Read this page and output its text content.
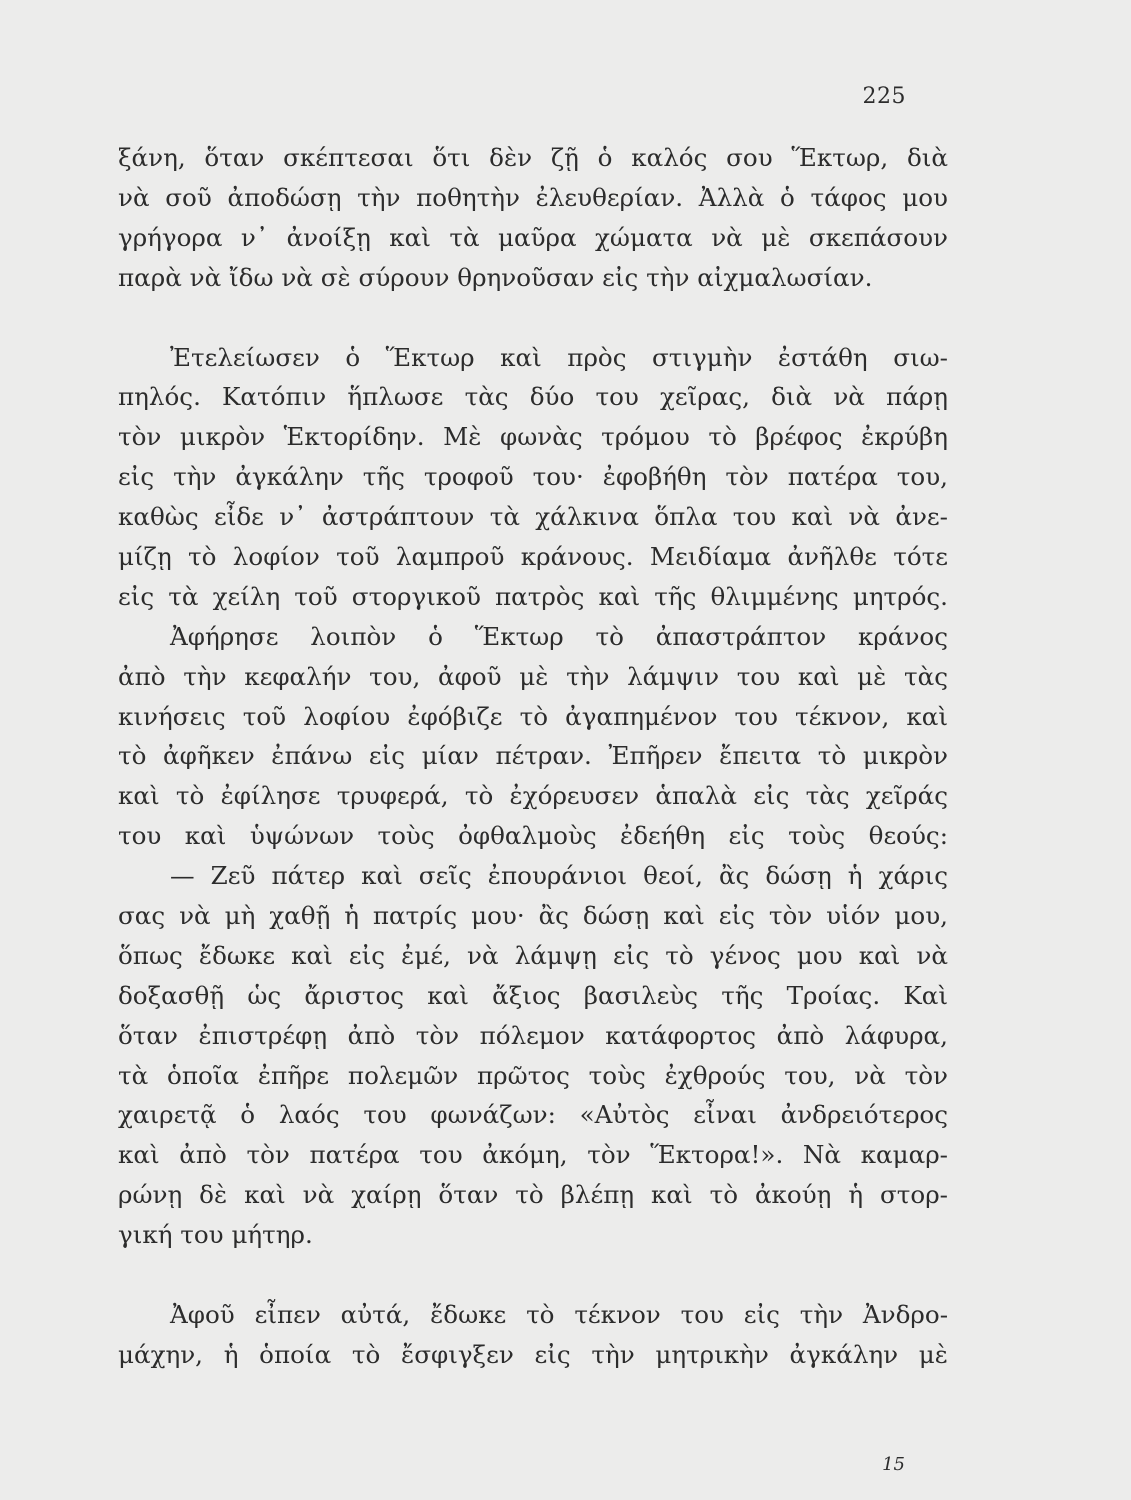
225
ξάνη, ὅταν σκέπτεσαι ὅτι δὲν ζῇ ὁ καλός σου Ἕκτωρ, διὰ
νὰ σοῦ ἀποδώσῃ τὴν ποθητὴν ἐλευθερίαν. Ἀλλὰ ὁ τάφος μου
γρήγορα ν᾽ ἀνοίξῃ καὶ τὰ μαῦρα χώματα νὰ μὲ σκεπάσουν
παρὰ νὰ ἴδω νὰ σὲ σύρουν θρηνοῦσαν εἰς τὴν αἰχμαλωσίαν.
Ἐτελείωσεν ὁ Ἕκτωρ καὶ πρὸς στιγμὴν ἐστάθη σιω-
πηλός. Κατόπιν ἥπλωσε τὰς δύο του χεῖρας, διὰ νὰ πάρῃ
τὸν μικρὸν Ἑκτορίδην. Μὲ φωνὰς τρόμου τὸ βρέφος ἐκρύβη
εἰς τὴν ἀγκάλην τῆς τροφοῦ του· ἐφοβήθη τὸν πατέρα του,
καθὼς εἶδε ν᾽ ἀστράπτουν τὰ χάλκινα ὅπλα του καὶ νὰ ἀνε-
μίζῃ τὸ λοφίον τοῦ λαμπροῦ κράνους. Μειδίαμα ἀνῆλθε τότε
εἰς τὰ χείλη τοῦ στοργικοῦ πατρὸς καὶ τῆς θλιμμένης μητρός.
Ἀφήρησε λοιπὸν ὁ Ἕκτωρ τὸ ἀπαστράπτον κράνος
ἀπὸ τὴν κεφαλήν του, ἀφοῦ μὲ τὴν λάμψιν του καὶ μὲ τὰς
κινήσεις τοῦ λοφίου ἐφόβιζε τὸ ἀγαπημένον του τέκνον, καὶ
τὸ ἀφῆκεν ἐπάνω εἰς μίαν πέτραν. Ἐπῆρεν ἔπειτα τὸ μικρὸν
καὶ τὸ ἐφίλησε τρυφερά, τὸ ἐχόρευσεν ἁπαλὰ εἰς τὰς χεῖράς
του καὶ ὑψώνων τοὺς ὀφθαλμοὺς ἐδεήθη εἰς τοὺς θεούς:
— Ζεῦ πάτερ καὶ σεῖς ἐπουράνιοι θεοί, ἂς δώσῃ ἡ χάρις
σας νὰ μὴ χαθῇ ἡ πατρίς μου· ἂς δώσῃ καὶ εἰς τὸν υἱόν μου,
ὅπως ἔδωκε καὶ εἰς ἐμέ, νὰ λάμψῃ εἰς τὸ γένος μου καὶ νὰ
δοξασθῇ ὡς ἄριστος καὶ ἄξιος βασιλεὺς τῆς Τροίας. Καὶ
ὅταν ἐπιστρέφῃ ἀπὸ τὸν πόλεμον κατάφορτος ἀπὸ λάφυρα,
τὰ ὁποῖα ἐπῆρε πολεμῶν πρῶτος τοὺς ἐχθρούς του, νὰ τὸν
χαιρετᾷ ὁ λαός του φωνάζων: «Αὐτὸς εἶναι ἀνδρειότερος
καὶ ἀπὸ τὸν πατέρα του ἀκόμη, τὸν Ἕκτορα!». Νὰ καμαρ-
ρώνῃ δὲ καὶ νὰ χαίρῃ ὅταν τὸ βλέπῃ καὶ τὸ ἀκούῃ ἡ στορ-
γική του μήτηρ.
Ἀφοῦ εἶπεν αὐτά, ἔδωκε τὸ τέκνον του εἰς τὴν Ἀνδρο-
μάχην, ἡ ὁποία τὸ ἔσφιγξεν εἰς τὴν μητρικὴν ἀγκάλην μὲ
15
